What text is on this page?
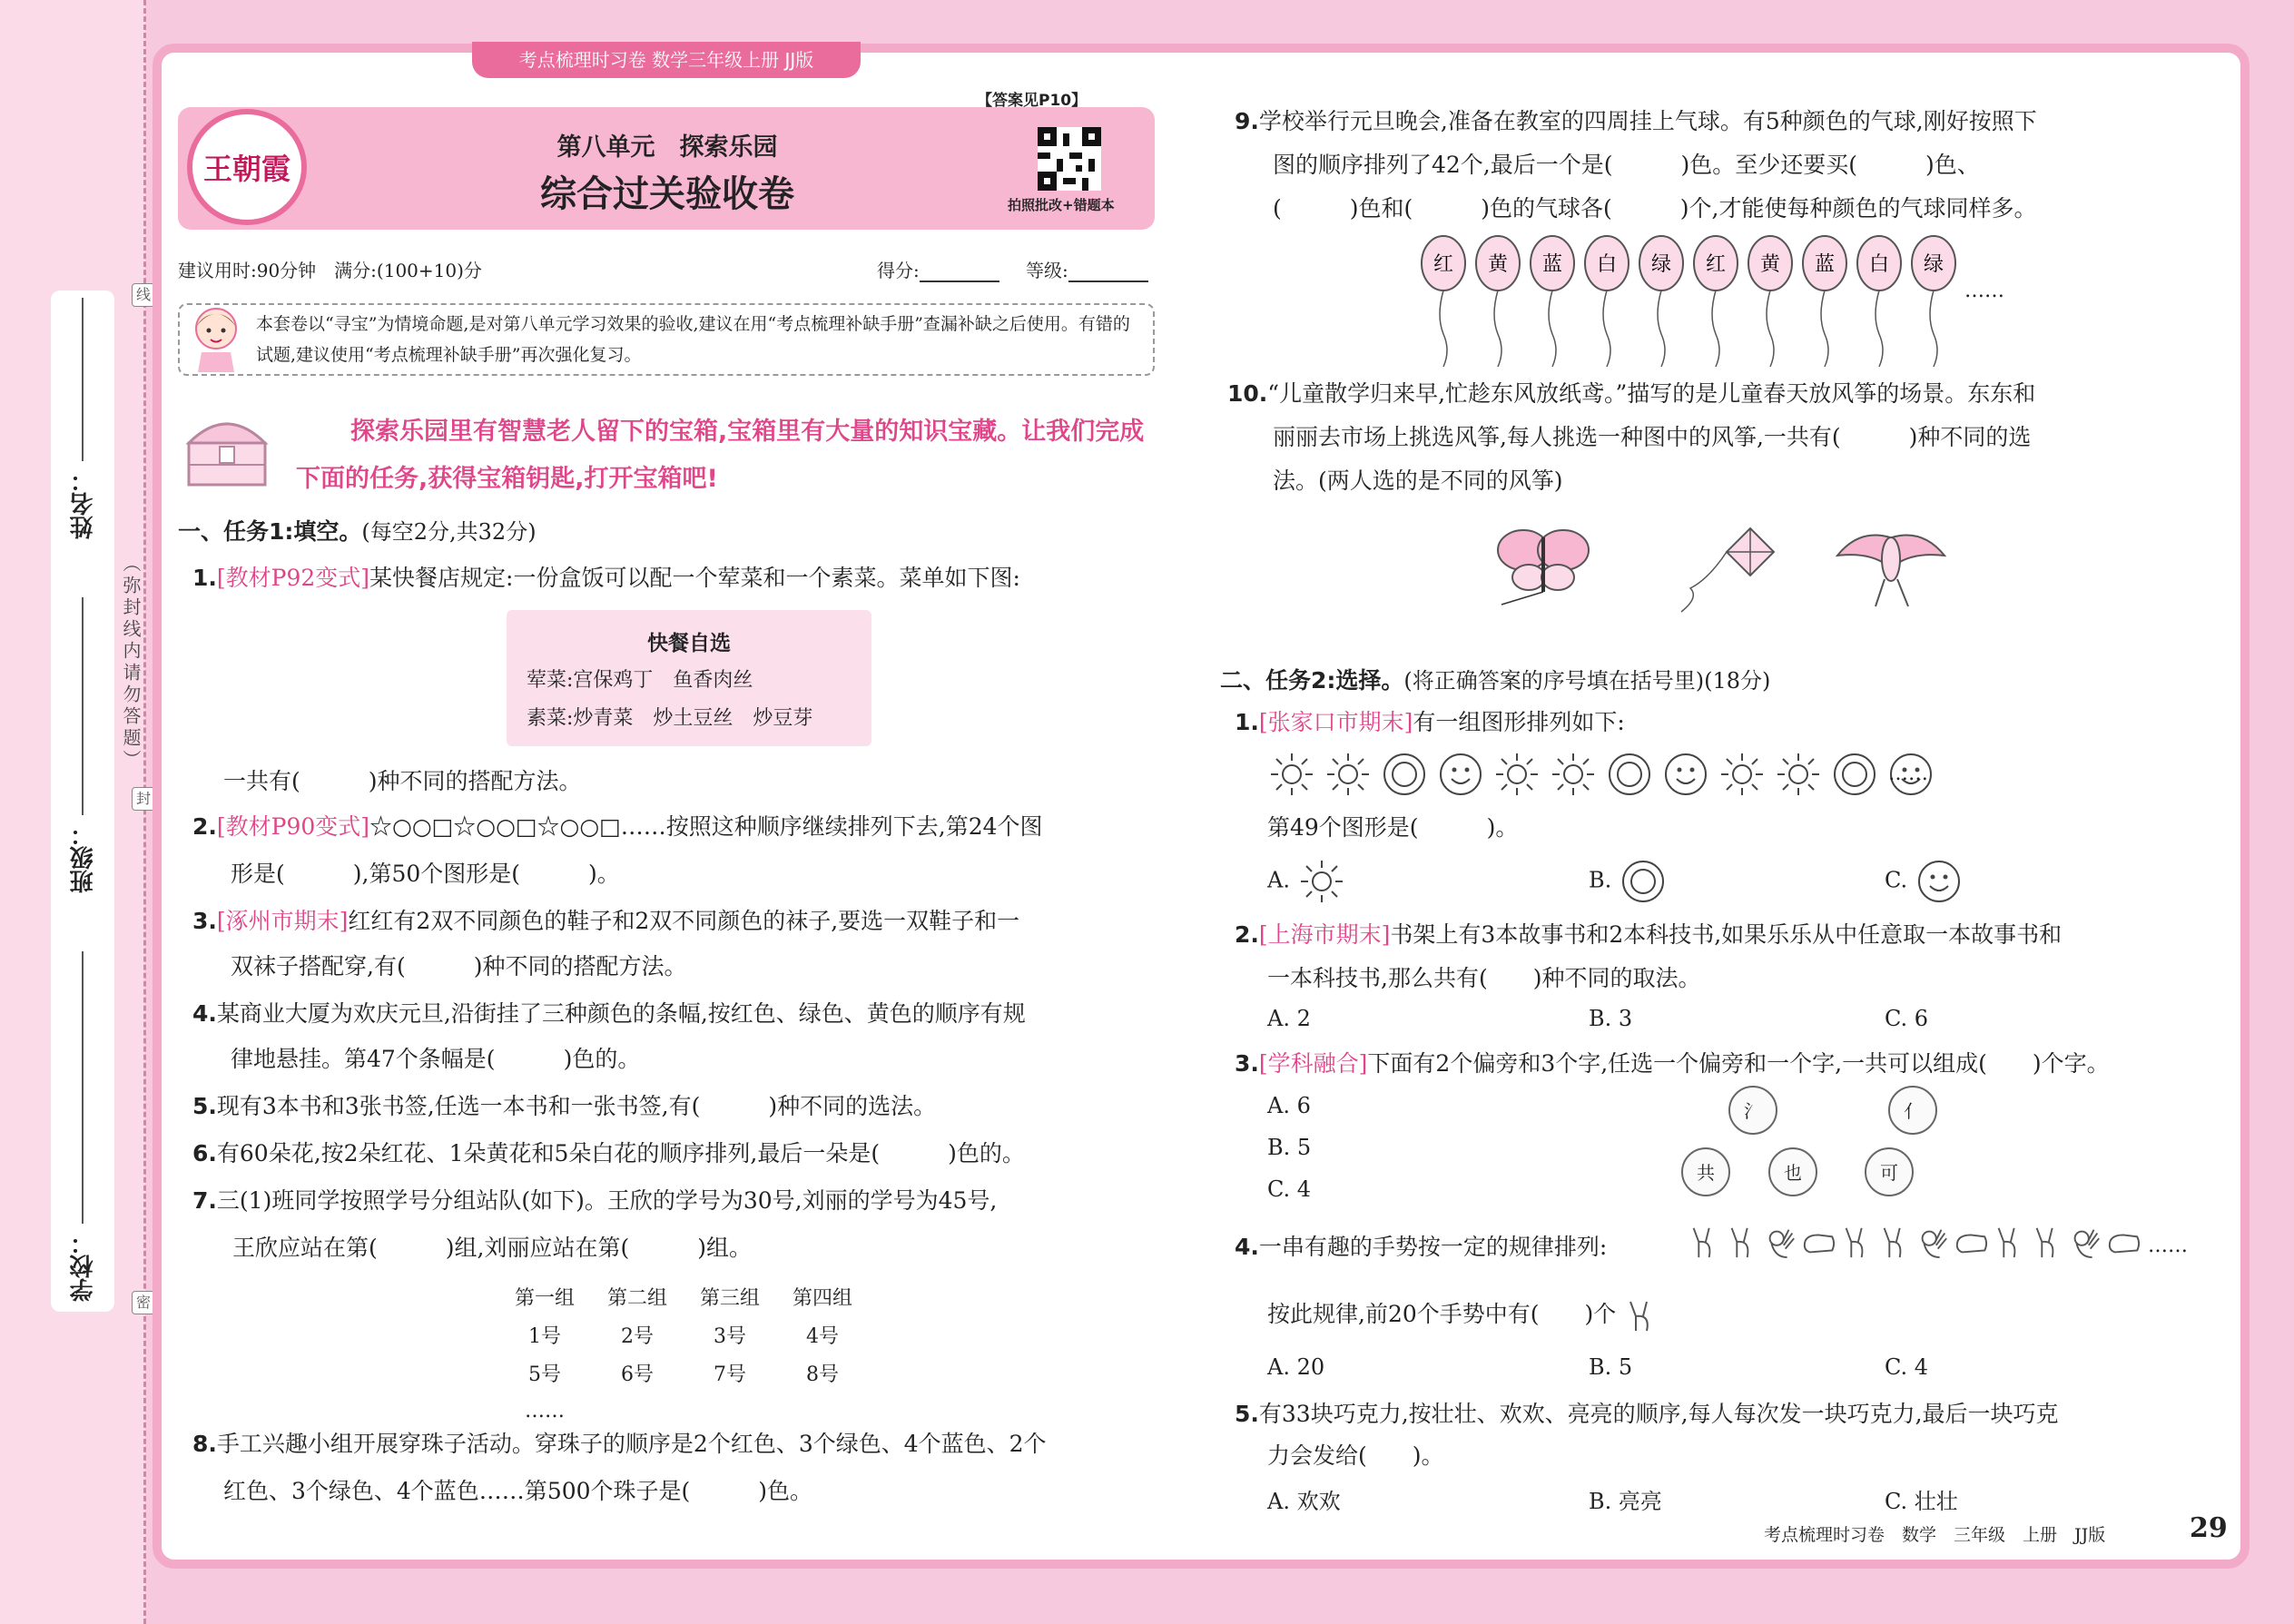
姓名：
班级：
学校：
（弥封线内请勿答题）
线
封
密
考点梳理时习卷 数学三年级上册 JJ版
王朝霞
第八单元　探索乐园
综合过关验收卷
【答案见P10】
拍照批改+错题本
建议用时:90分钟　满分:(100+10)分	得分:	等级:
本套卷以“寻宝”为情境命题,是对第八单元学习效果的验收,建议在用“考点梳理补缺手册”查漏补缺之后使用。有错的试题,建议使用“考点梳理补缺手册”再次强化复习。
探索乐园里有智慧老人留下的宝箱,宝箱里有大量的知识宝藏。让我们完成下面的任务,获得宝箱钥匙,打开宝箱吧!
一、任务1:填空。(每空2分,共32分)
1.[教材P92变式]某快餐店规定:一份盒饭可以配一个荤菜和一个素菜。菜单如下图:
快餐自选
荤菜:宫保鸡丁　鱼香肉丝
素菜:炒青菜　炒土豆丝　炒豆芽
一共有(　　　)种不同的搭配方法。
2.[教材P90变式]☆○○□☆○○□☆○○□……按照这种顺序继续排列下去,第24个图
形是(　　　),第50个图形是(　　　)。
3.[涿州市期末]红红有2双不同颜色的鞋子和2双不同颜色的袜子,要选一双鞋子和一
双袜子搭配穿,有(　　　)种不同的搭配方法。
4.某商业大厦为欢庆元旦,沿街挂了三种颜色的条幅,按红色、绿色、黄色的顺序有规
律地悬挂。第47个条幅是(　　　)色的。
5.现有3本书和3张书签,任选一本书和一张书签,有(　　　)种不同的选法。
6.有60朵花,按2朵红花、1朵黄花和5朵白花的顺序排列,最后一朵是(　　　)色的。
7.三(1)班同学按照学号分组站队(如下)。王欣的学号为30号,刘丽的学号为45号,
王欣应站在第(　　　)组,刘丽应站在第(　　　)组。
第一组	第二组	第三组	第四组
1号	2号	3号	4号
5号	6号	7号	8号
……			
8.手工兴趣小组开展穿珠子活动。穿珠子的顺序是2个红色、3个绿色、4个蓝色、2个
红色、3个绿色、4个蓝色……第500个珠子是(　　　)色。
9.学校举行元旦晚会,准备在教室的四周挂上气球。有5种颜色的气球,刚好按照下
图的顺序排列了42个,最后一个是(　　　)色。至少还要买(　　　)色、
(　　　)色和(　　　)色的气球各(　　　)个,才能使每种颜色的气球同样多。
红 黄 蓝 白 绿 红 黄 蓝 白 绿
……
10.“儿童散学归来早,忙趁东风放纸鸢。”描写的是儿童春天放风筝的场景。东东和
丽丽去市场上挑选风筝,每人挑选一种图中的风筝,一共有(　　　)种不同的选
法。(两人选的是不同的风筝)
二、任务2:选择。(将正确答案的序号填在括号里)(18分)
1.[张家口市期末]有一组图形排列如下:
……
第49个图形是(　　　)。
A.	B.	C.
2.[上海市期末]书架上有3本故事书和2本科技书,如果乐乐从中任意取一本故事书和
一本科技书,那么共有(　　)种不同的取法。
A. 2	B. 3	C. 6
3.[学科融合]下面有2个偏旁和3个字,任选一个偏旁和一个字,一共可以组成(　　)个字。
A. 6
B. 5
C. 4
氵	亻
共	也	可
4.一串有趣的手势按一定的规律排列:	……
按此规律,前20个手势中有(　　)个
A. 20	B. 5	C. 4
5.有33块巧克力,按壮壮、欢欢、亮亮的顺序,每人每次发一块巧克力,最后一块巧克
力会发给(　　)。
A. 欢欢	B. 亮亮	C. 壮壮
考点梳理时习卷　数学　三年级　上册　JJ版	29
